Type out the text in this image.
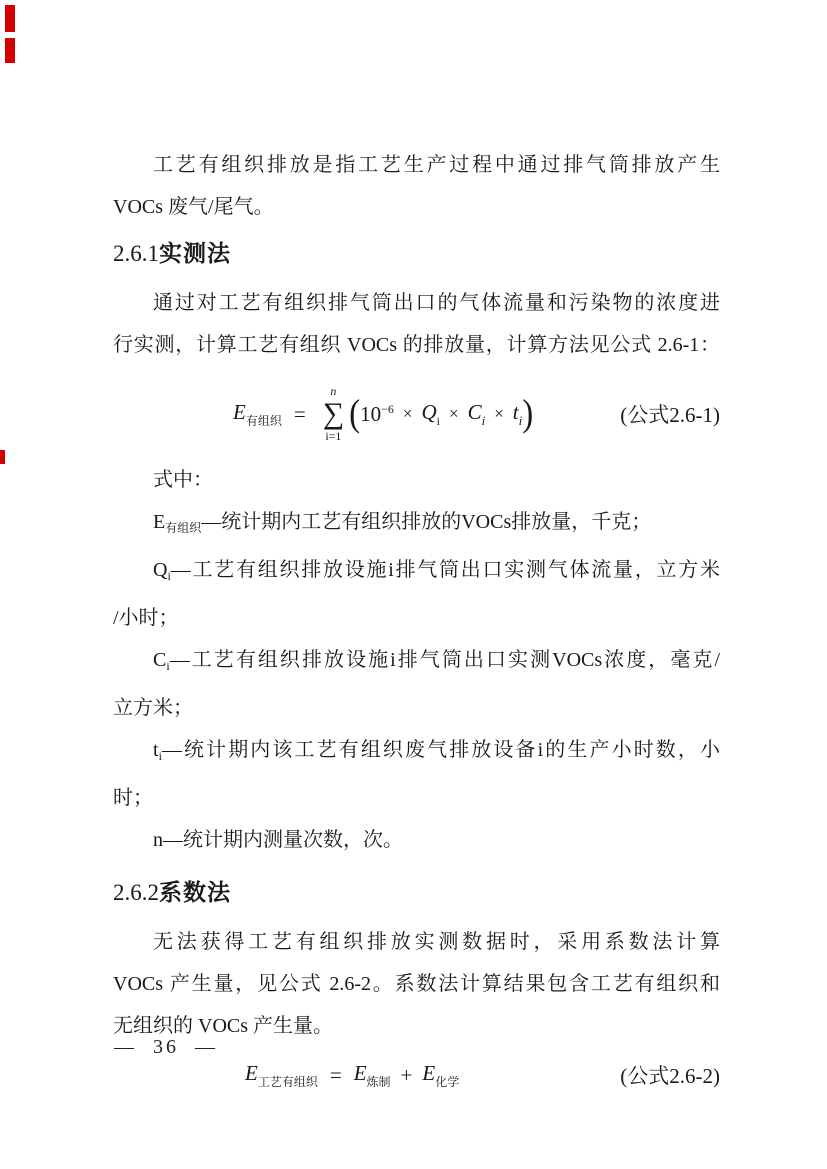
工艺有组织排放是指工艺生产过程中通过排气筒排放产生
VOCs 废气/尾气。
2.6.1实测法
通过对工艺有组织排气筒出口的气体流量和污染物的浓度进
行实测，计算工艺有组织 VOCs 的排放量，计算方法见公式 2.6-1：
$E_{有组织}$ =
n
∑
i=1
( $10^{-6} \times Q_i \times C_i \times t_i$ )	(公式2.6-1)
式中：
$E_{有组织}—$统计期内工艺有组织排放的VOCs排放量，千克；
$Q_i—$工艺有组织排放设施i排气筒出口实测气体流量，立方米
/小时；
$C_i—$工艺有组织排放设施i排气筒出口实测VOCs浓度，毫克/
立方米；
$t_i—$统计期内该工艺有组织废气排放设备i的生产小时数，小
时；
n—统计期内测量次数，次。
2.6.2系数法
无法获得工艺有组织排放实测数据时，采用系数法计算
VOCs 产生量，见公式 2.6-2。系数法计算结果包含工艺有组织和
无组织的 VOCs 产生量。
$E_{工艺有组织} = E_{炼制} + E_{化学}$	(公式2.6-2)
— 36 —
